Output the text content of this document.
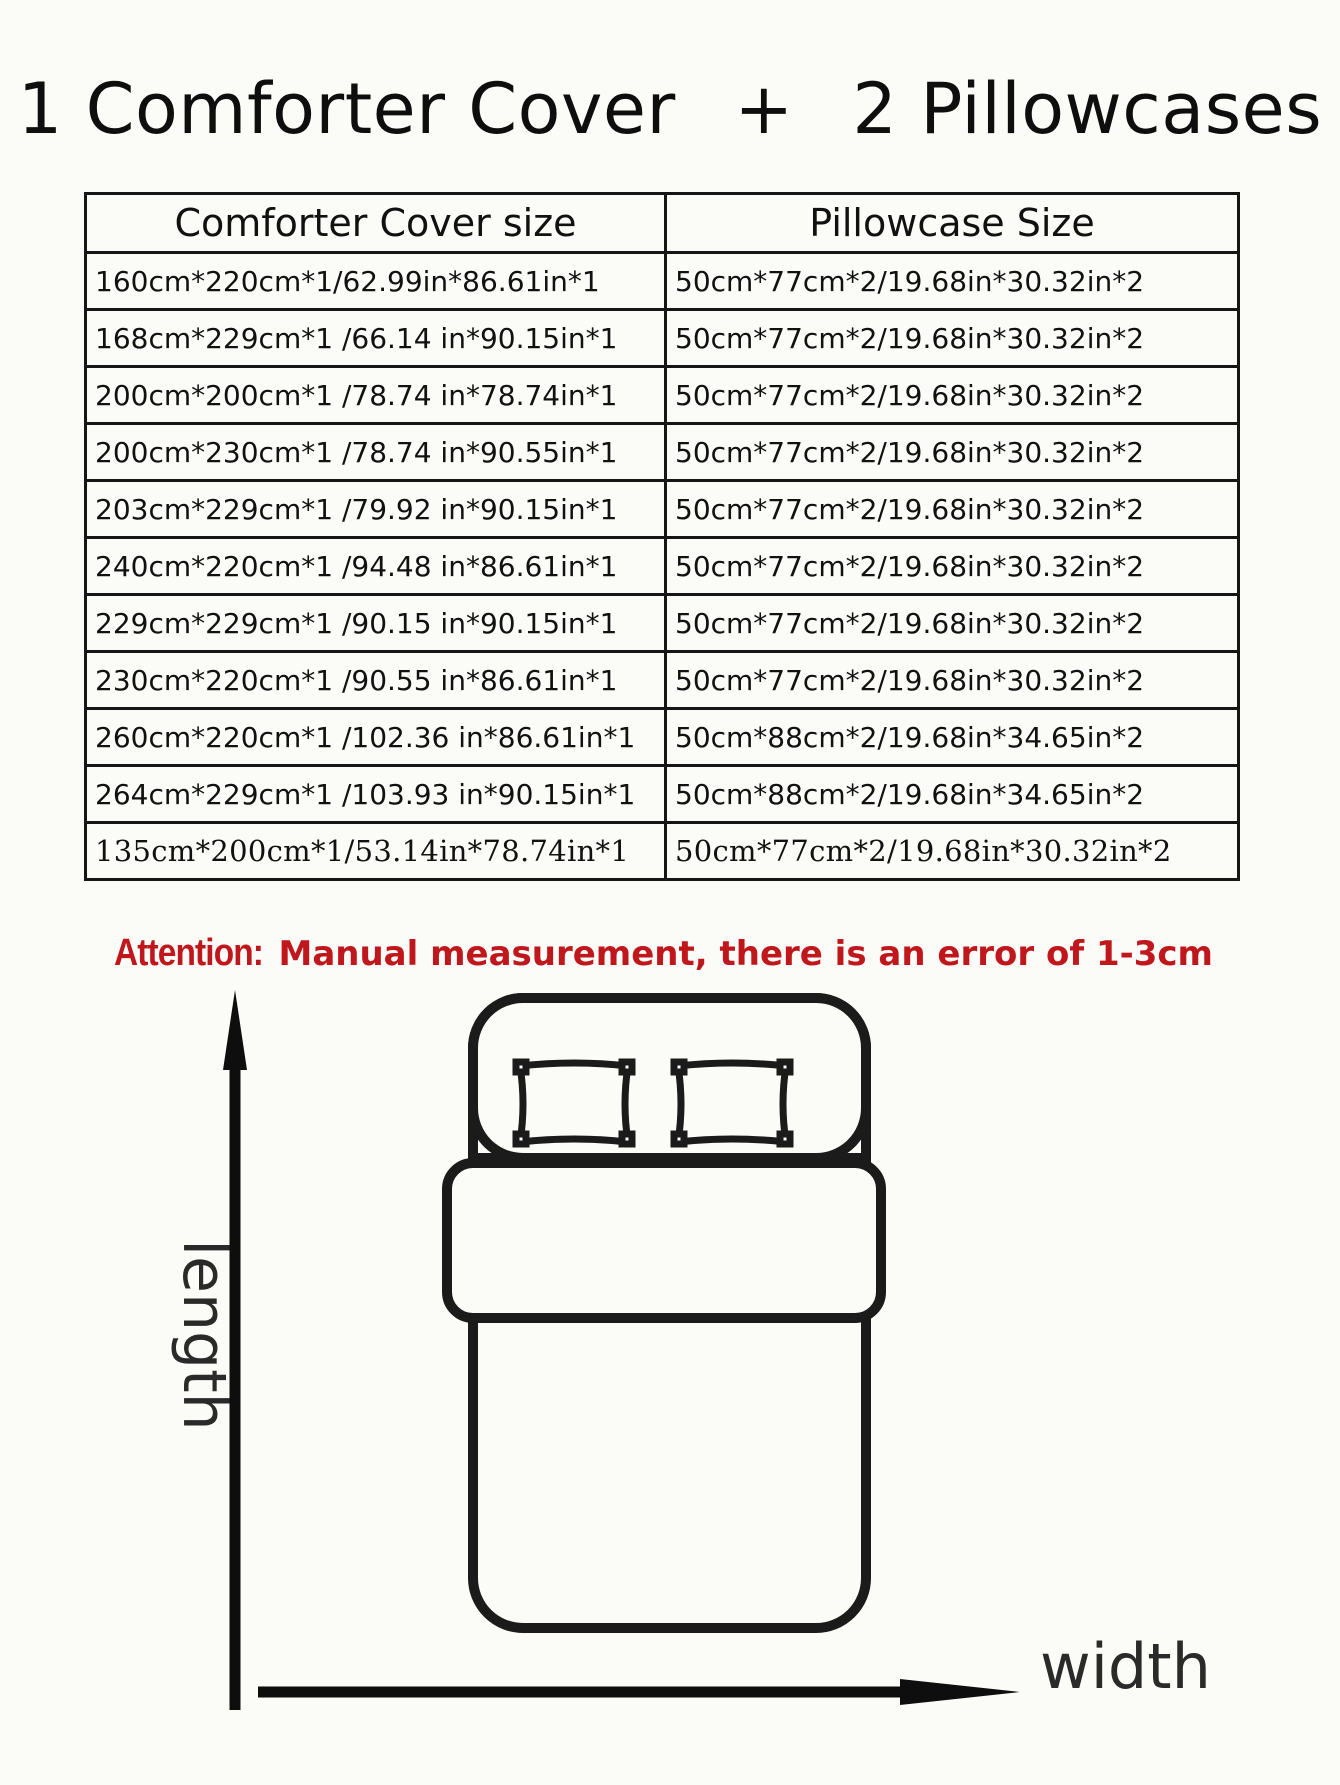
1 Comforter Cover + 2 Pillowcases
Comforter Cover size	Pillowcase Size
160cm*220cm*1/62.99in*86.61in*1	50cm*77cm*2/19.68in*30.32in*2
168cm*229cm*1 /66.14 in*90.15in*1	50cm*77cm*2/19.68in*30.32in*2
200cm*200cm*1 /78.74 in*78.74in*1	50cm*77cm*2/19.68in*30.32in*2
200cm*230cm*1 /78.74 in*90.55in*1	50cm*77cm*2/19.68in*30.32in*2
203cm*229cm*1 /79.92 in*90.15in*1	50cm*77cm*2/19.68in*30.32in*2
240cm*220cm*1 /94.48 in*86.61in*1	50cm*77cm*2/19.68in*30.32in*2
229cm*229cm*1 /90.15 in*90.15in*1	50cm*77cm*2/19.68in*30.32in*2
230cm*220cm*1 /90.55 in*86.61in*1	50cm*77cm*2/19.68in*30.32in*2
260cm*220cm*1 /102.36 in*86.61in*1	50cm*88cm*2/19.68in*34.65in*2
264cm*229cm*1 /103.93 in*90.15in*1	50cm*88cm*2/19.68in*34.65in*2
135cm*200cm*1/53.14in*78.74in*1	50cm*77cm*2/19.68in*30.32in*2
Attention: Manual measurement, there is an error of 1-3cm
length
width
